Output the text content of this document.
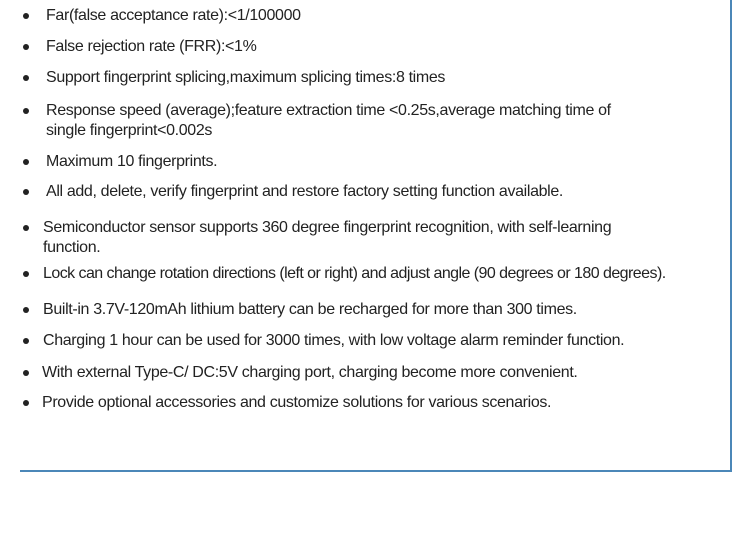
Far(false acceptance rate):<1/100000
False rejection rate (FRR):<1%
Support fingerprint splicing,maximum splicing times:8 times
Response speed (average);feature extraction time <0.25s,average matching time of single fingerprint<0.002s
Maximum 10 fingerprints.
All add, delete, verify fingerprint and restore factory setting function available.
Semiconductor sensor supports 360 degree fingerprint recognition, with self-learning function.
Lock can change rotation directions (left or right) and adjust angle (90 degrees or 180 degrees).
Built-in 3.7V-120mAh lithium battery can be recharged for more than 300 times.
Charging 1 hour can be used for 3000 times, with low voltage alarm reminder function.
With external Type-C/ DC:5V charging port, charging become more convenient.
Provide optional accessories and customize solutions for various scenarios.
